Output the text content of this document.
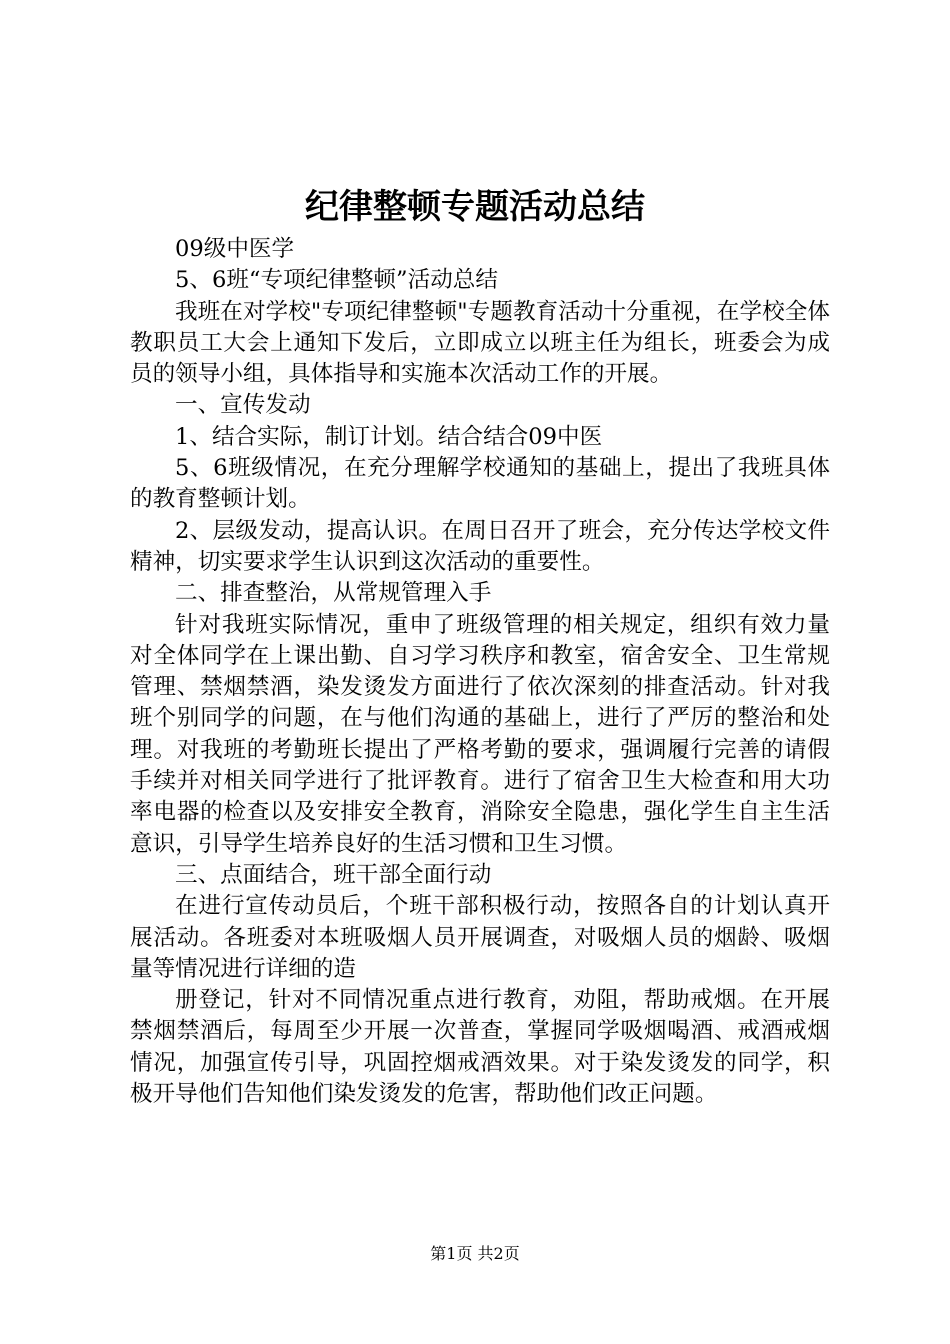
纪律整顿专题活动总结

09级中医学

5、6班“专项纪律整顿”活动总结

我班在对学校"专项纪律整顿"专题教育活动十分重视，在学校全体教职员工大会上通知下发后，立即成立以班主任为组长，班委会为成员的领导小组，具体指导和实施本次活动工作的开展。

一、宣传发动

1、结合实际，制订计划。结合结合09中医

5、6班级情况，在充分理解学校通知的基础上，提出了我班具体的教育整顿计划。

2、层级发动，提高认识。在周日召开了班会，充分传达学校文件精神，切实要求学生认识到这次活动的重要性。

二、排查整治，从常规管理入手

针对我班实际情况，重申了班级管理的相关规定，组织有效力量对全体同学在上课出勤、自习学习秩序和教室，宿舍安全、卫生常规管理、禁烟禁酒，染发烫发方面进行了依次深刻的排查活动。针对我班个别同学的问题，在与他们沟通的基础上，进行了严厉的整治和处理。对我班的考勤班长提出了严格考勤的要求，强调履行完善的请假手续并对相关同学进行了批评教育。进行了宿舍卫生大检查和用大功率电器的检查以及安排安全教育，消除安全隐患，强化学生自主生活意识，引导学生培养良好的生活习惯和卫生习惯。

三、点面结合，班干部全面行动

在进行宣传动员后，个班干部积极行动，按照各自的计划认真开展活动。各班委对本班吸烟人员开展调查，对吸烟人员的烟龄、吸烟量等情况进行详细的造

册登记，针对不同情况重点进行教育，劝阻，帮助戒烟。在开展禁烟禁酒后，每周至少开展一次普查，掌握同学吸烟喝酒、戒酒戒烟情况，加强宣传引导，巩固控烟戒酒效果。对于染发烫发的同学，积极开导他们告知他们染发烫发的危害，帮助他们改正问题。

第1页 共2页
